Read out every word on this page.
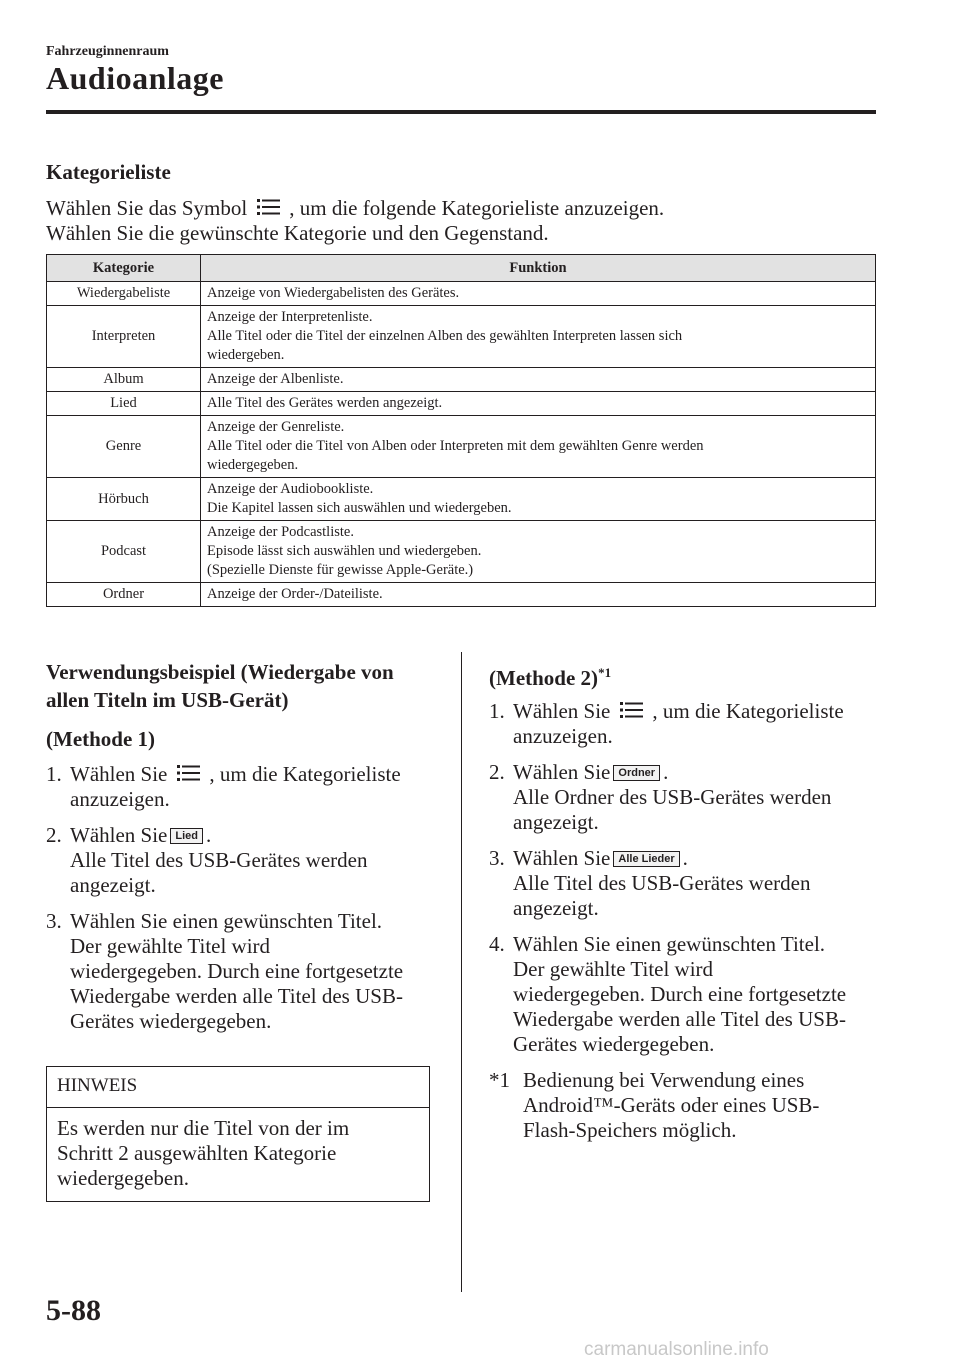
Fahrzeuginnenraum
Audioanlage
Kategorieliste
Wählen Sie das Symbol , um die folgende Kategorieliste anzuzeigen.
Wählen Sie die gewünschte Kategorie und den Gegenstand.
Kategorie	Funktion
Wiedergabeliste	Anzeige von Wiedergabelisten des Gerätes.

Interpreten	Anzeige der Interpretenliste.
Alle Titel oder die Titel der einzelnen Alben des gewählten Interpreten lassen sich
wiedergeben.

Album	Anzeige der Albenliste.

Lied	Alle Titel des Gerätes werden angezeigt.

Genre	Anzeige der Genreliste.
Alle Titel oder die Titel von Alben oder Interpreten mit dem gewählten Genre werden
wiedergegeben.

Hörbuch	Anzeige der Audiobookliste.
Die Kapitel lassen sich auswählen und wiedergeben.

Podcast	Anzeige der Podcastliste.
Episode lässt sich auswählen und wiedergeben.
(Spezielle Dienste für gewisse Apple-Geräte.)

Ordner	Anzeige der Order-/Dateiliste.
Verwendungsbeispiel (Wiedergabe von
allen Titeln im USB-Gerät)
(Methode 1)
1. Wählen Sie , um die Kategorieliste
anzuzeigen.
2. Wählen Sie Lied .
Alle Titel des USB-Gerätes werden
angezeigt.
3. Wählen Sie einen gewünschten Titel.
Der gewählte Titel wird
wiedergegeben. Durch eine fortgesetzte
Wiedergabe werden alle Titel des USB-
Gerätes wiedergegeben.
HINWEIS
Es werden nur die Titel von der im
Schritt 2 ausgewählten Kategorie
wiedergegeben.
(Methode 2)$^{*1}$
1. Wählen Sie , um die Kategorieliste
anzuzeigen.
2. Wählen Sie Ordner .
Alle Ordner des USB-Gerätes werden
angezeigt.
3. Wählen Sie Alle Lieder .
Alle Titel des USB-Gerätes werden
angezeigt.
4. Wählen Sie einen gewünschten Titel.
Der gewählte Titel wird
wiedergegeben. Durch eine fortgesetzte
Wiedergabe werden alle Titel des USB-
Gerätes wiedergegeben.
*1 Bedienung bei Verwendung eines
Android™-Geräts oder eines USB-
Flash-Speichers möglich.
5-88
carmanualsonline.info
